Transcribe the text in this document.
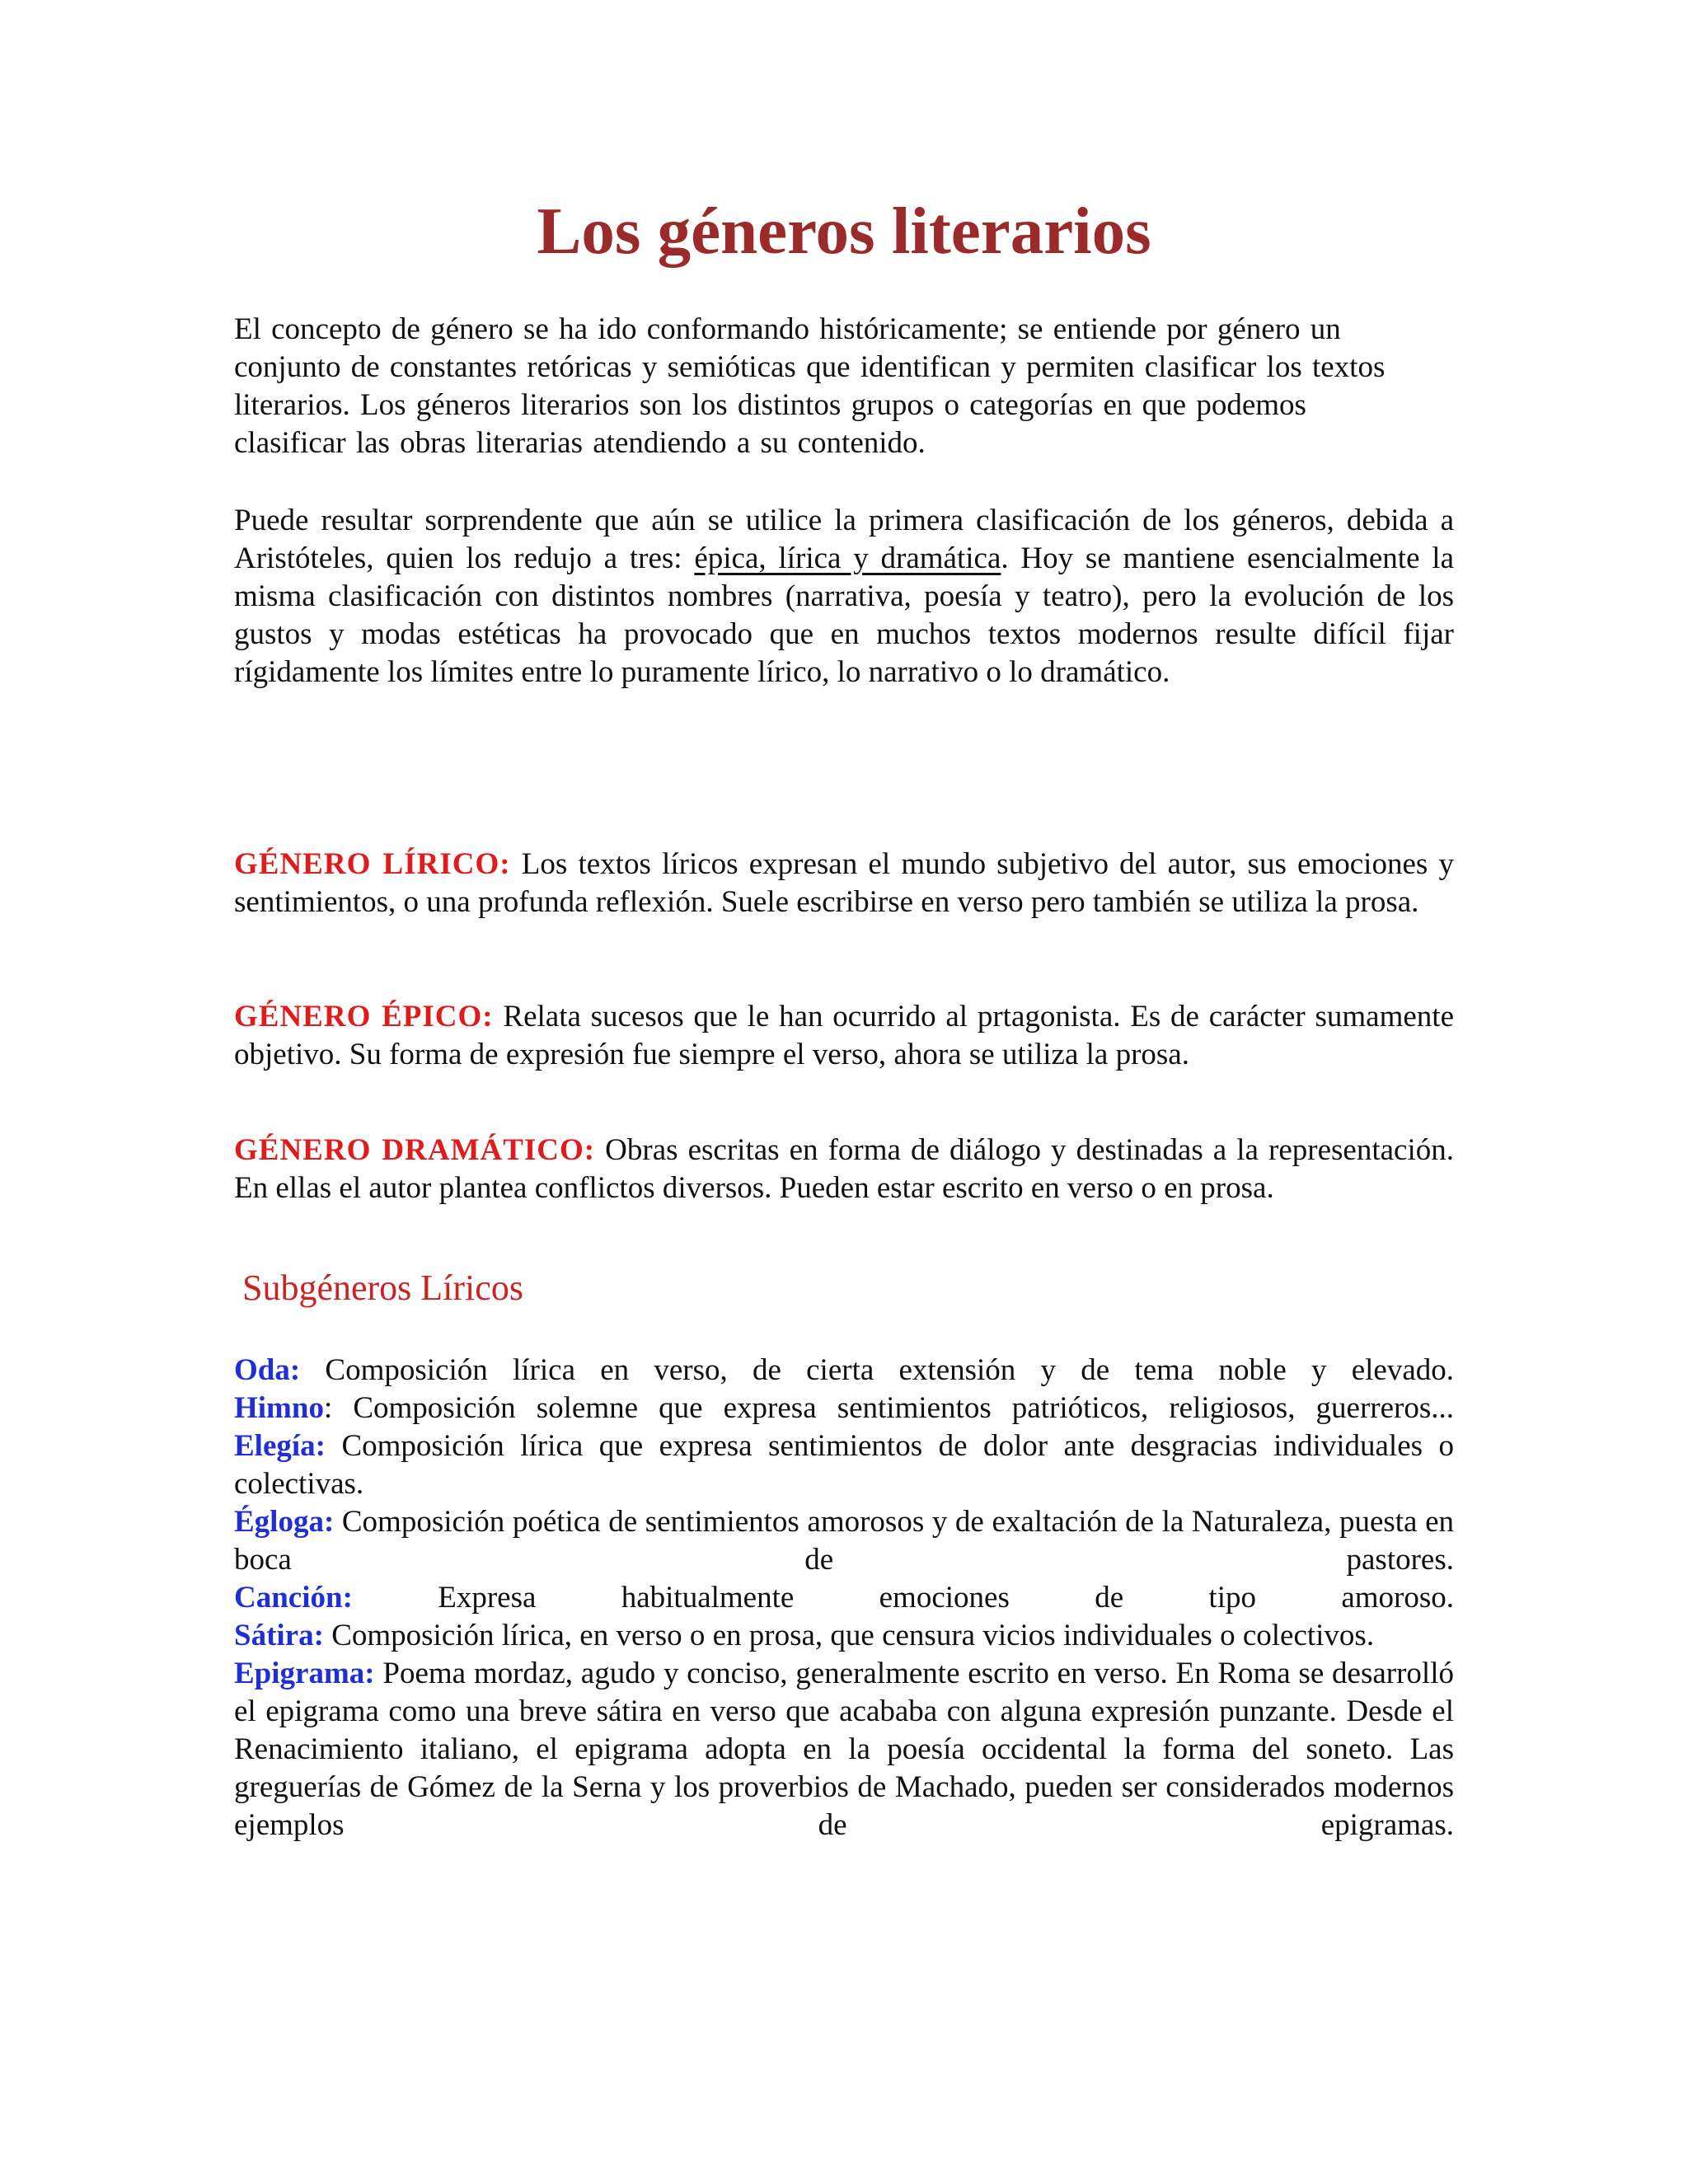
Los géneros literarios
El concepto de género se ha ido conformando históricamente; se entiende por género un
conjunto de constantes retóricas y semióticas que identifican y permiten clasificar los textos
literarios. Los géneros literarios son los distintos grupos o categorías en que podemos
clasificar las obras literarias atendiendo a su contenido.

Puede resultar sorprendente que aún se utilice la primera clasificación de los géneros, debida a Aristóteles, quien los redujo a tres: épica, lírica y dramática. Hoy se mantiene esencialmente la misma clasificación con distintos nombres (narrativa, poesía y teatro), pero la evolución de los gustos y modas estéticas ha provocado que en muchos textos modernos resulte difícil fijar rígidamente los límites entre lo puramente lírico, lo narrativo o lo dramático.

GÉNERO LÍRICO: Los textos líricos expresan el mundo subjetivo del autor, sus emociones y sentimientos, o una profunda reflexión. Suele escribirse en verso pero también se utiliza la prosa.

GÉNERO ÉPICO: Relata sucesos que le han ocurrido al prtagonista. Es de carácter sumamente objetivo. Su forma de expresión fue siempre el verso, ahora se utiliza la prosa.

GÉNERO DRAMÁTICO: Obras escritas en forma de diálogo y destinadas a la representación. En ellas el autor plantea conflictos diversos. Pueden estar escrito en verso o en prosa.

Subgéneros Líricos
Oda: Composición lírica en verso, de cierta extensión y de tema noble y elevado.
Himno: Composición solemne que expresa sentimientos patrióticos, religiosos, guerreros...
Elegía: Composición lírica que expresa sentimientos de dolor ante desgracias individuales o colectivas.
Égloga: Composición poética de sentimientos amorosos y de exaltación de la Naturaleza, puesta en boca de pastores.
Canción: Expresa habitualmente emociones de tipo amoroso.
Sátira: Composición lírica, en verso o en prosa, que censura vicios individuales o colectivos.
Epigrama: Poema mordaz, agudo y conciso, generalmente escrito en verso. En Roma se desarrolló el epigrama como una breve sátira en verso que acababa con alguna expresión punzante. Desde el Renacimiento italiano, el epigrama adopta en la poesía occidental la forma del soneto. Las greguerías de Gómez de la Serna y los proverbios de Machado, pueden ser considerados modernos ejemplos de epigramas.
